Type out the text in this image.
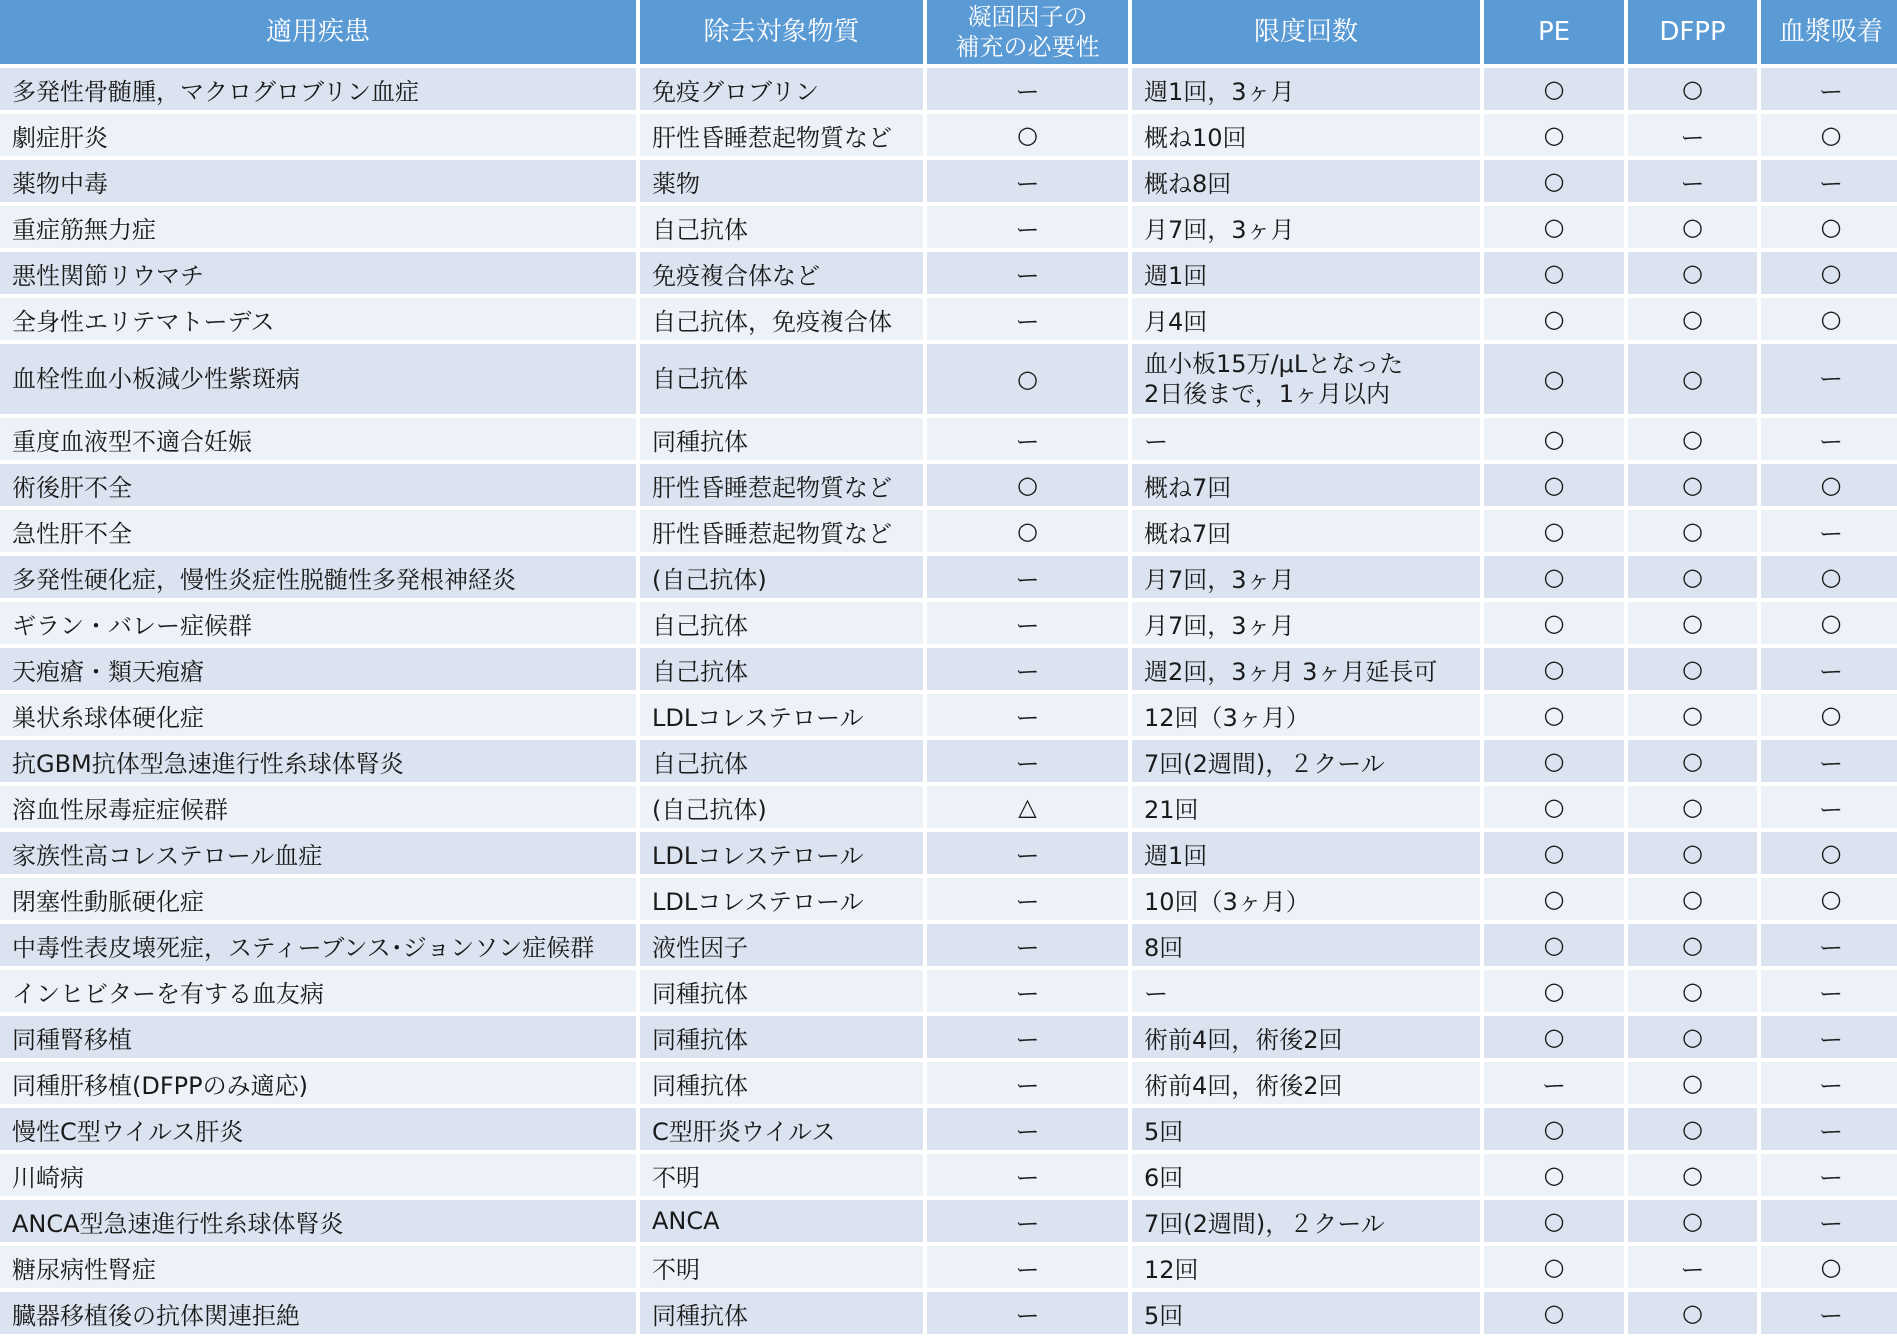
適用疾患	除去対象物質	凝固因子の
補充の必要性	限度回数	PE	DFPP	血漿吸着
多発性骨髄腫，マクログロブリン血症	免疫グロブリン	ー	週1回，3ヶ月	○	○	ー
劇症肝炎	肝性昏睡惹起物質など	○	概ね10回	○	ー	○
薬物中毒	薬物	ー	概ね8回	○	ー	ー
重症筋無力症	自己抗体	ー	月7回，3ヶ月	○	○	○
悪性関節リウマチ	免疫複合体など	ー	週1回	○	○	○
全身性エリテマトーデス	自己抗体，免疫複合体	ー	月4回	○	○	○
血栓性血小板減少性紫斑病	自己抗体	○	血小板15万/μLとなった
2日後まで，1ヶ月以内	○	○	ー
重度血液型不適合妊娠	同種抗体	ー	ー	○	○	ー
術後肝不全	肝性昏睡惹起物質など	○	概ね7回	○	○	○
急性肝不全	肝性昏睡惹起物質など	○	概ね7回	○	○	ー
多発性硬化症，慢性炎症性脱髄性多発根神経炎	(自己抗体)	ー	月7回，3ヶ月	○	○	○
ギラン・バレー症候群	自己抗体	ー	月7回，3ヶ月	○	○	○
天疱瘡・類天疱瘡	自己抗体	ー	週2回，3ヶ月 3ヶ月延長可	○	○	ー
巣状糸球体硬化症	LDLコレステロール	ー	12回（3ヶ月）	○	○	○
抗GBM抗体型急速進行性糸球体腎炎	自己抗体	ー	7回(2週間)，２クール	○	○	ー
溶血性尿毒症症候群	(自己抗体)	△	21回	○	○	ー
家族性高コレステロール血症	LDLコレステロール	ー	週1回	○	○	○
閉塞性動脈硬化症	LDLコレステロール	ー	10回（3ヶ月）	○	○	○
中毒性表皮壊死症，スティーブンス･ジョンソン症候群	液性因子	ー	8回	○	○	ー
インヒビターを有する血友病	同種抗体	ー	ー	○	○	ー
同種腎移植	同種抗体	ー	術前4回，術後2回	○	○	ー
同種肝移植(DFPPのみ適応)	同種抗体	ー	術前4回，術後2回	ー	○	ー
慢性C型ウイルス肝炎	C型肝炎ウイルス	ー	5回	○	○	ー
川崎病	不明	ー	6回	○	○	ー
ANCA型急速進行性糸球体腎炎	ANCA	ー	7回(2週間)，２クール	○	○	ー
糖尿病性腎症	不明	ー	12回	○	ー	○
臓器移植後の抗体関連拒絶	同種抗体	ー	5回	○	○	ー
